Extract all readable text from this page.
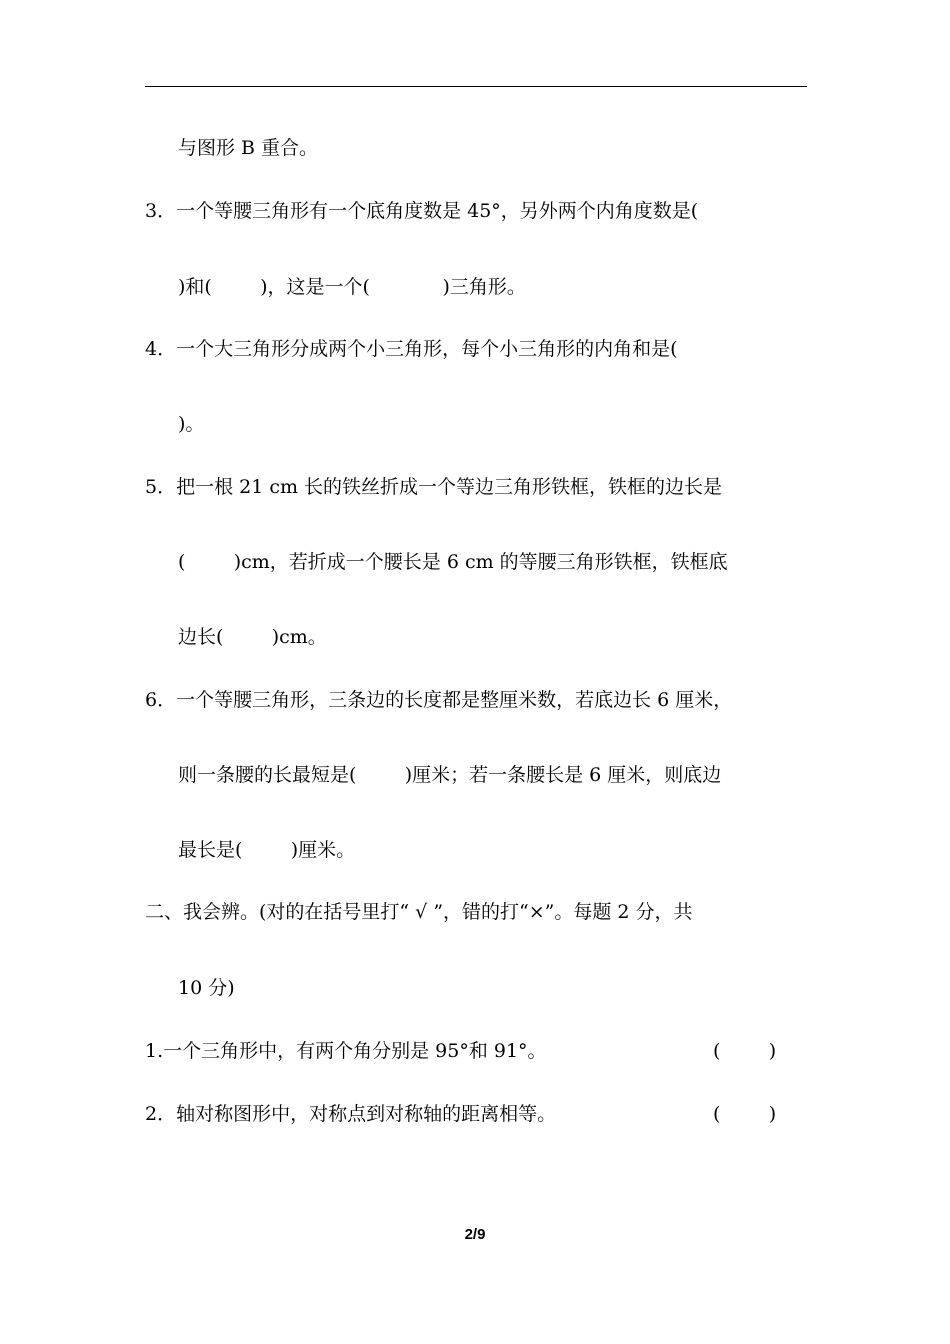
与图形 B 重合。
3．一个等腰三角形有一个底角度数是 45°，另外两个内角度数是(
)和(        )，这是一个(            )三角形。
4．一个大三角形分成两个小三角形，每个小三角形的内角和是(
)。
5．把一根 21 cm 长的铁丝折成一个等边三角形铁框，铁框的边长是
(        )cm，若折成一个腰长是 6 cm 的等腰三角形铁框，铁框底
边长(        )cm。
6．一个等腰三角形，三条边的长度都是整厘米数，若底边长 6 厘米，
则一条腰的长最短是(        )厘米；若一条腰长是 6 厘米，则底边
最长是(        )厘米。
二、我会辨。(对的在括号里打“ √ ”，错的打“×”。每题 2 分，共
10 分)
1.一个三角形中，有两个角分别是 95°和 91°。	(        )
2．轴对称图形中，对称点到对称轴的距离相等。	(        )
2/9
